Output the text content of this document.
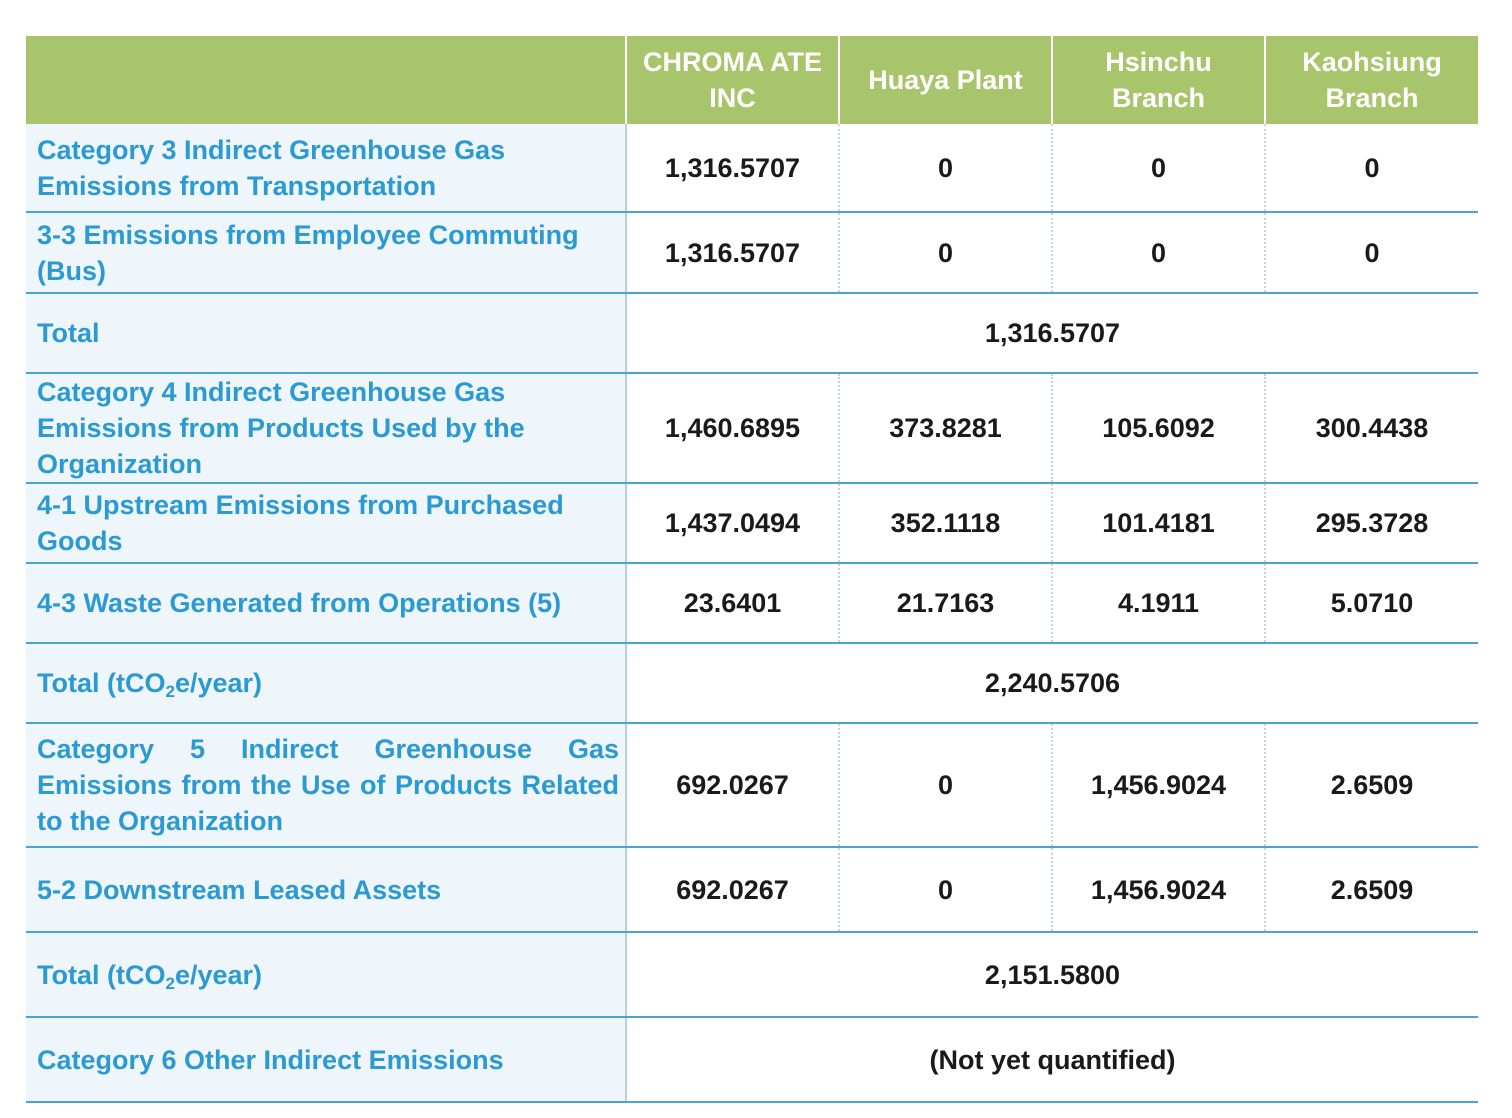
	CHROMA ATE INC	Huaya Plant	Hsinchu Branch	Kaohsiung Branch
Category 3 Indirect Greenhouse Gas Emissions from Transportation	1,316.5707	0	0	0
3-3 Emissions from Employee Commuting (Bus)	1,316.5707	0	0	0
Total	1,316.5707			
Category 4 Indirect Greenhouse Gas Emissions from Products Used by the Organization	1,460.6895	373.8281	105.6092	300.4438
4-1 Upstream Emissions from Purchased Goods	1,437.0494	352.1118	101.4181	295.3728
4-3 Waste Generated from Operations (5)	23.6401	21.7163	4.1911	5.0710
Total (tCO$_2$e/year)	2,240.5706			
Category 5 Indirect Greenhouse Gas Emissions from the Use of Products Related to the Organization	692.0267	0	1,456.9024	2.6509
5-2 Downstream Leased Assets	692.0267	0	1,456.9024	2.6509
Total (tCO$_2$e/year)	2,151.5800			
Category 6 Other Indirect Emissions	(Not yet quantified)			
